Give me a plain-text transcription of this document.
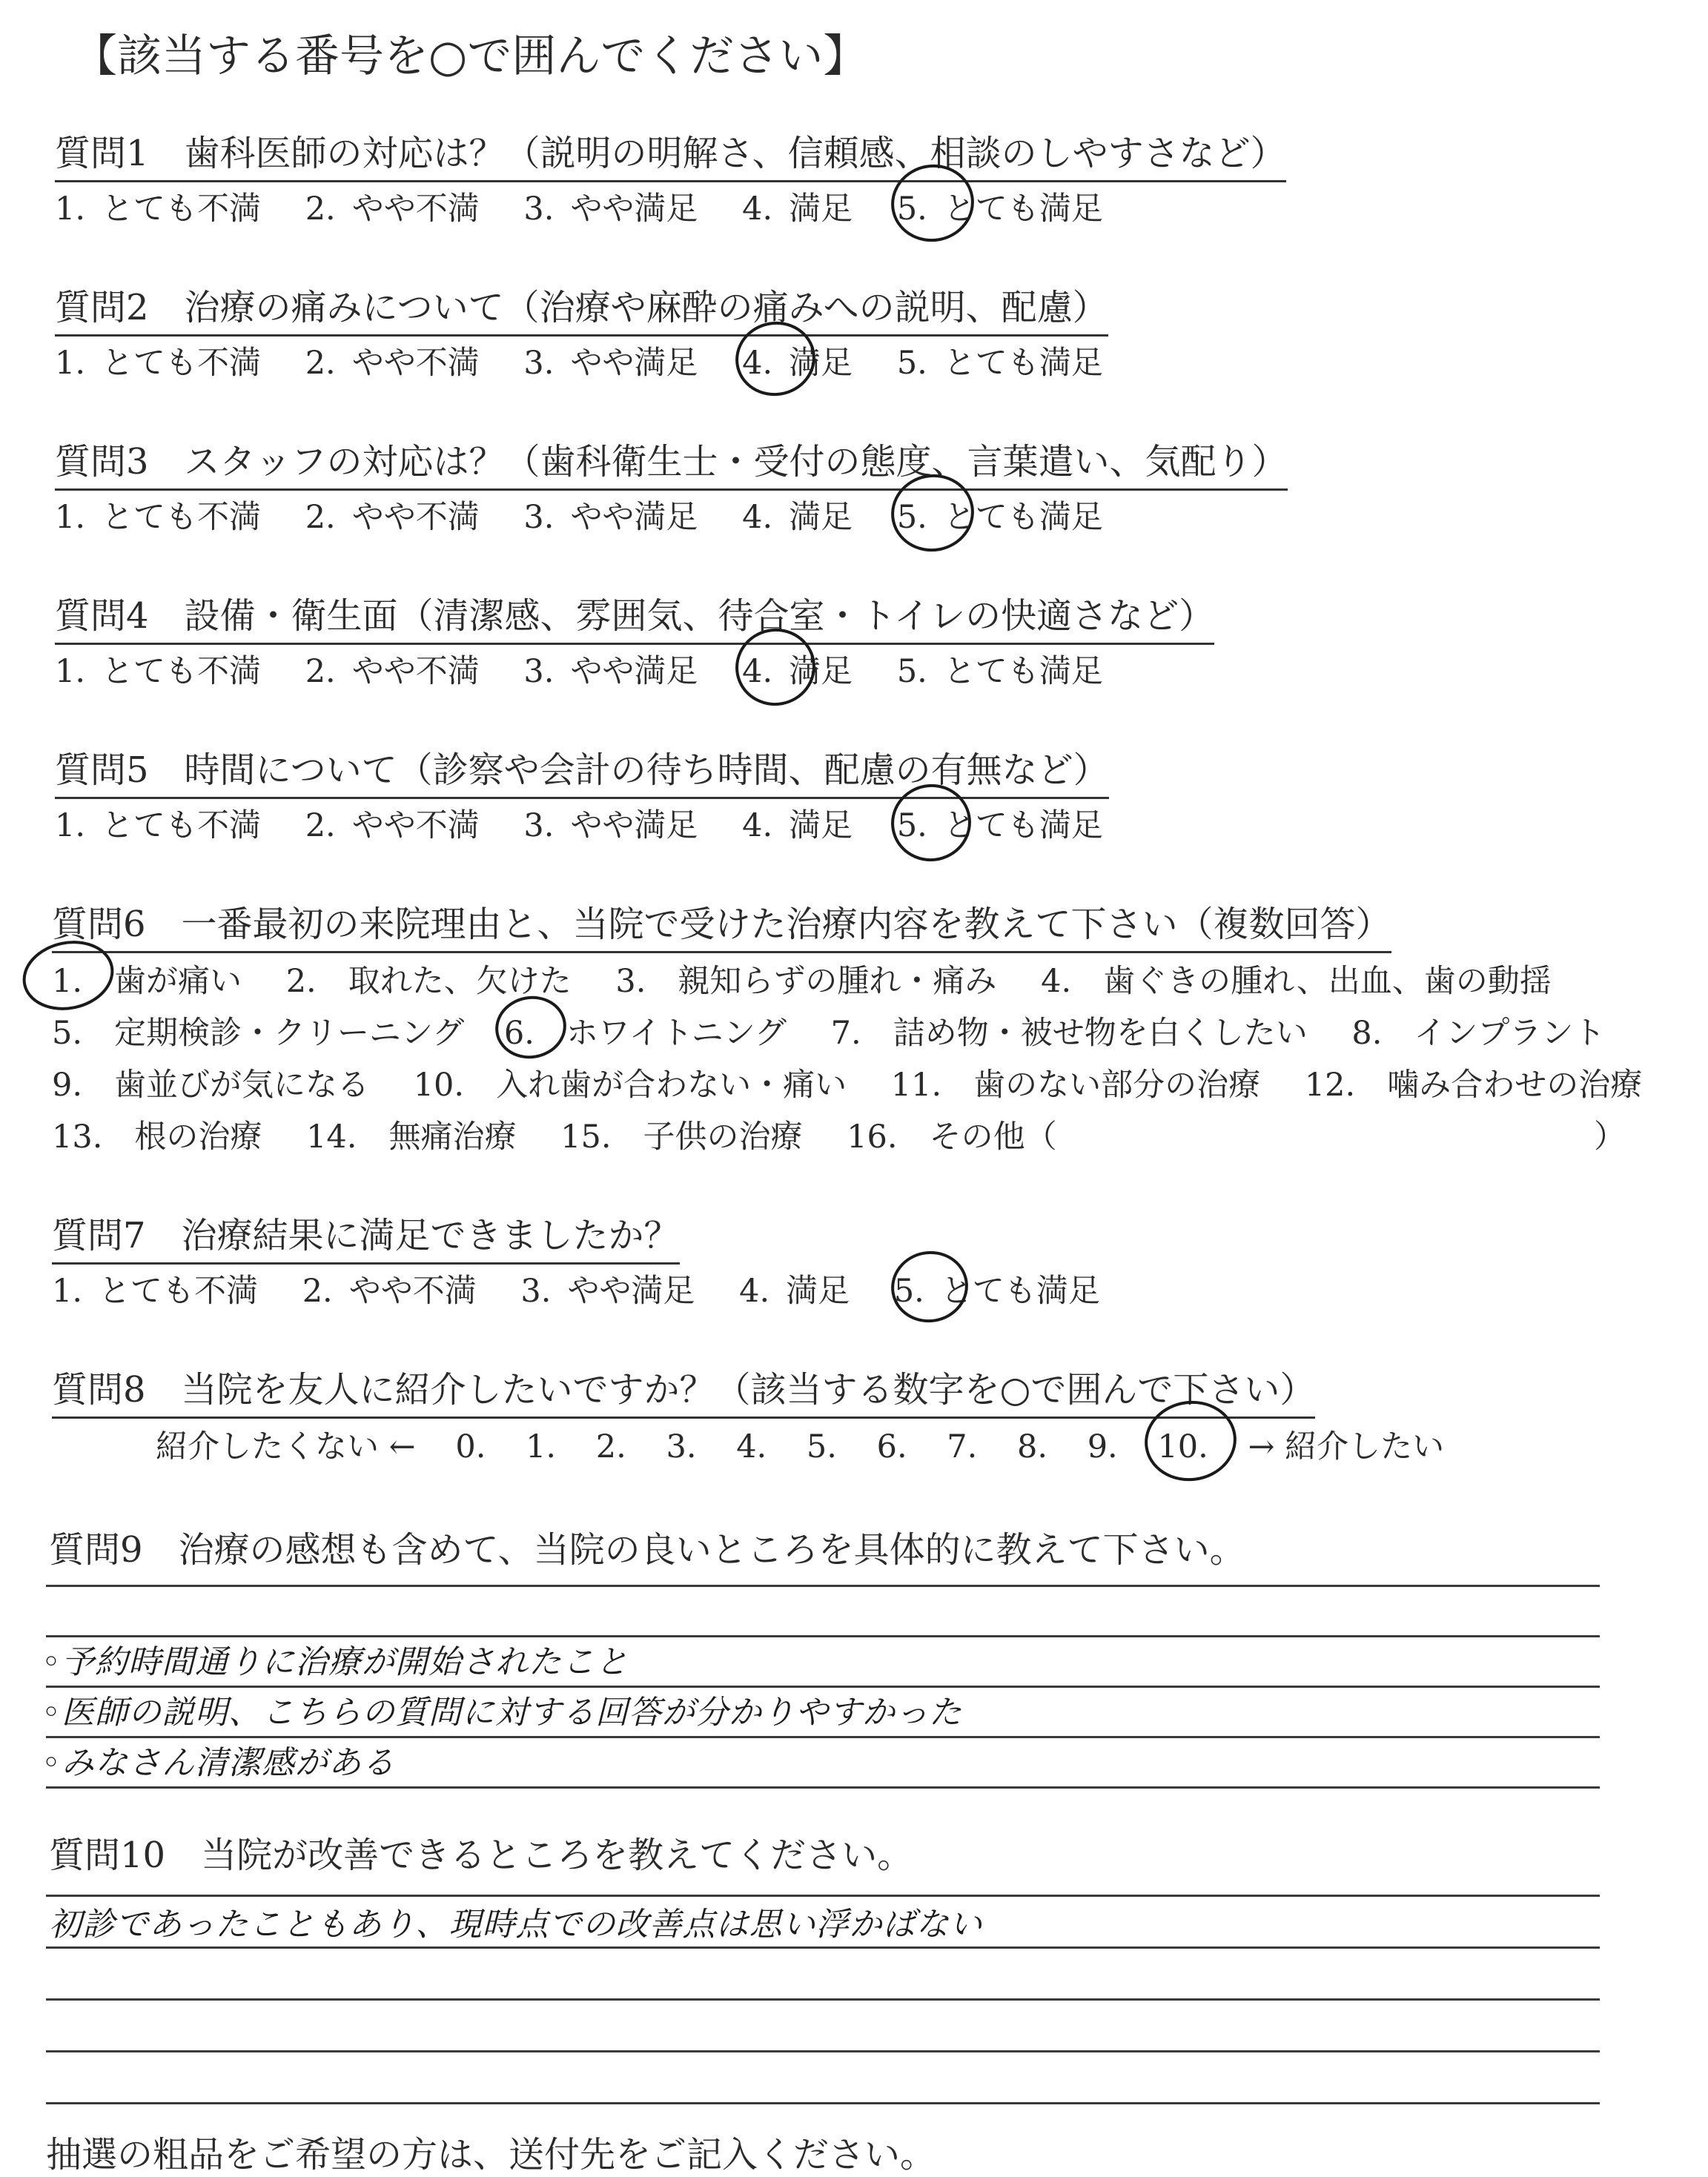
【該当する番号を○で囲んでください】
質問1　歯科医師の対応は？（説明の明解さ、信頼感、相談のしやすさなど）
1. とても不満 2. やや不満 3. やや満足 4. 満足 5. とても満足
質問2　治療の痛みについて（治療や麻酔の痛みへの説明、配慮）
1. とても不満 2. やや不満 3. やや満足 4. 満足 5. とても満足
質問3　スタッフの対応は？（歯科衛生士・受付の態度、言葉遣い、気配り）
1. とても不満 2. やや不満 3. やや満足 4. 満足 5. とても満足
質問4　設備・衛生面（清潔感、雰囲気、待合室・トイレの快適さなど）
1. とても不満 2. やや不満 3. やや満足 4. 満足 5. とても満足
質問5　時間について（診察や会計の待ち時間、配慮の有無など）
1. とても不満 2. やや不満 3. やや満足 4. 満足 5. とても満足
質問6　一番最初の来院理由と、当院で受けた治療内容を教えて下さい（複数回答）
1.　歯が痛い 2.　取れた、欠けた 3.　親知らずの腫れ・痛み 4.　歯ぐきの腫れ、出血、歯の動揺
5.　定期検診・クリーニング 6.　ホワイトニング 7.　詰め物・被せ物を白くしたい 8.　インプラント
9.　歯並びが気になる 10.　入れ歯が合わない・痛い 11.　歯のない部分の治療 12.　噛み合わせの治療
13.　根の治療 14.　無痛治療 15.　子供の治療 16.　その他（	）
質問7　治療結果に満足できましたか？
1. とても不満 2. やや不満 3. やや満足 4. 満足 5. とても満足
質問8　当院を友人に紹介したいですか？（該当する数字を○で囲んで下さい）
紹介したくない ← 0. 1. 2. 3. 4. 5. 6. 7. 8. 9. 10. → 紹介したい
質問9　治療の感想も含めて、当院の良いところを具体的に教えて下さい。
◦予約時間通りに治療が開始されたこと
◦医師の説明、こちらの質問に対する回答が分かりやすかった
◦みなさん清潔感がある
質問10　当院が改善できるところを教えてください。
初診であったこともあり、現時点での改善点は思い浮かばない
抽選の粗品をご希望の方は、送付先をご記入ください。
